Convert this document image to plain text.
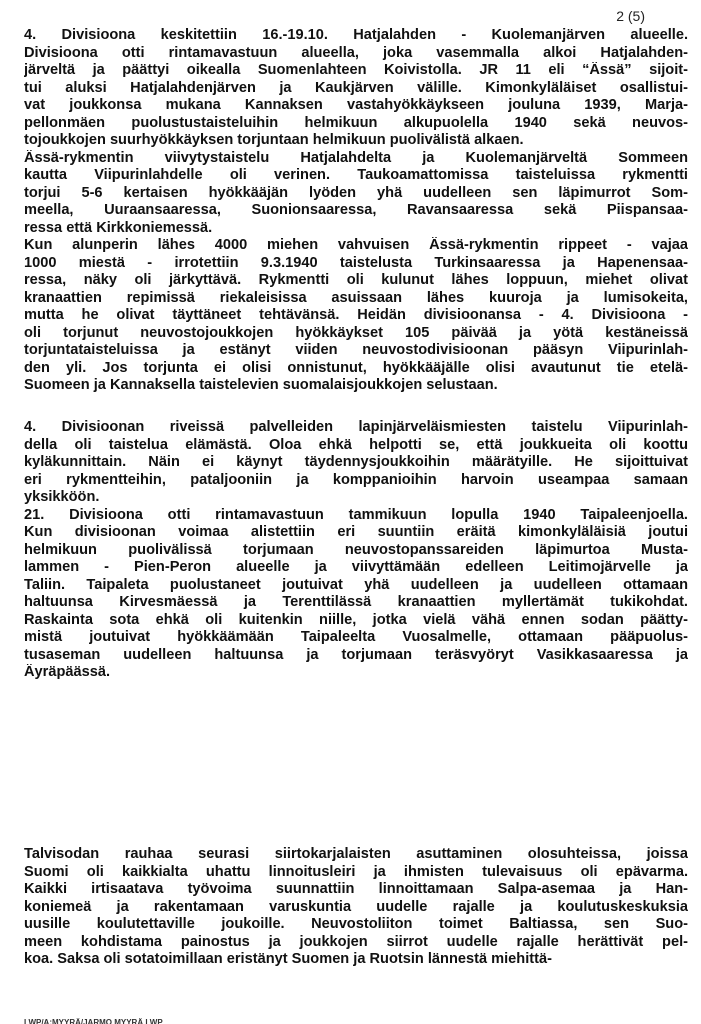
2 (5)
4. Divisioona keskitettiin 16.-19.10. Hatjalahden - Kuolemanjärven alueelle.
Divisioona otti rintamavastuun alueella, joka vasemmalla alkoi Hatjalahden-
järveltä ja päättyi oikealla Suomenlahteen Koivistolla. JR 11 eli “Ässä” sijoit-
tui aluksi Hatjalahdenjärven ja Kaukjärven välille. Kimonkyläläiset osallistui-
vat joukkonsa mukana Kannaksen vastahyökkäykseen jouluna 1939, Marja-
pellonmäen puolustustaisteluihin helmikuun alkupuolella 1940 sekä neuvos-
tojoukkojen suurhyökkäyksen torjuntaan helmikuun puolivälistä alkaen.
Ässä-rykmentin viivytystaistelu Hatjalahdelta ja Kuolemanjärveltä Sommeen
kautta Viipurinlahdelle oli verinen. Taukoamattomissa taisteluissa rykmentti
torjui 5-6 kertaisen hyökkääjän lyöden yhä uudelleen sen läpimurrot Som-
meella, Uuraansaaressa, Suonionsaaressa, Ravansaaressa sekä Piispansaa-
ressa että Kirkkoniemessä.
Kun alunperin lähes 4000 miehen vahvuisen Ässä-rykmentin rippeet - vajaa
1000 miestä - irrotettiin 9.3.1940 taistelusta Turkinsaaressa ja Hapenensaa-
ressa, näky oli järkyttävä. Rykmentti oli kulunut lähes loppuun, miehet olivat
kranaattien repimissä riekaleisissa asuissaan lähes kuuroja ja lumisokeita,
mutta he olivat täyttäneet tehtävänsä. Heidän divisioonansa - 4. Divisioona -
oli torjunut neuvostojoukkojen hyökkäykset 105 päivää ja yötä kestäneissä
torjuntataisteluissa ja estänyt viiden neuvostodivisioonan pääsyn Viipurinlah-
den yli. Jos torjunta ei olisi onnistunut, hyökkääjälle olisi avautunut tie etelä-
Suomeen ja Kannaksella taistelevien suomalaisjoukkojen selustaan.
4. Divisioonan riveissä palvelleiden lapinjärveläismiesten taistelu Viipurinlah-
della oli taistelua elämästä. Oloa ehkä helpotti se, että joukkueita oli koottu
kyläkunnittain. Näin ei käynyt täydennysjoukkoihin määrätyille. He sijoittuivat
eri rykmentteihin, pataljooniin ja komppanioihin harvoin useampaa samaan
yksikköön.
21. Divisioona otti rintamavastuun tammikuun lopulla 1940 Taipaleenjoella.
Kun divisioonan voimaa alistettiin eri suuntiin eräitä kimonkyläläisiä joutui
helmikuun puolivälissä torjumaan neuvostopanssareiden läpimurtoa Musta-
lammen - Pien-Peron alueelle ja viivyttämään edelleen Leitimojärvelle ja
Taliin. Taipaleta puolustaneet joutuivat yhä uudelleen ja uudelleen ottamaan
haltuunsa Kirvesmäessä ja Terenttilässä kranaattien myllertämät tukikohdat.
Raskainta sota ehkä oli kuitenkin niille, jotka vielä vähä ennen sodan päätty-
mistä joutuivat hyökkäämään Taipaleelta Vuosalmelle, ottamaan pääpuolus-
tusaseman uudelleen haltuunsa ja torjumaan teräsvyöryt Vasikkasaaressa ja
Äyräpäässä.
Talvisodan rauhaa seurasi siirtokarjalaisten asuttaminen olosuhteissa, joissa
Suomi oli kaikkialta uhattu linnoitusleiri ja ihmisten tulevaisuus oli epävarma.
Kaikki irtisaatava työvoima suunnattiin linnoittamaan Salpa-asemaa ja Han-
koniemeä ja rakentamaan varuskuntia uudelle rajalle ja koulutuskeskuksia
uusille koulutettaville joukoille. Neuvostoliiton toimet Baltiassa, sen Suo-
meen kohdistama painostus ja joukkojen siirrot uudelle rajalle herättivät pel-
koa. Saksa oli sotatoimillaan eristänyt Suomen ja Ruotsin lännestä miehittä-
LWP/A:MYYRÄ/JARMO MYYRÄ LWP
